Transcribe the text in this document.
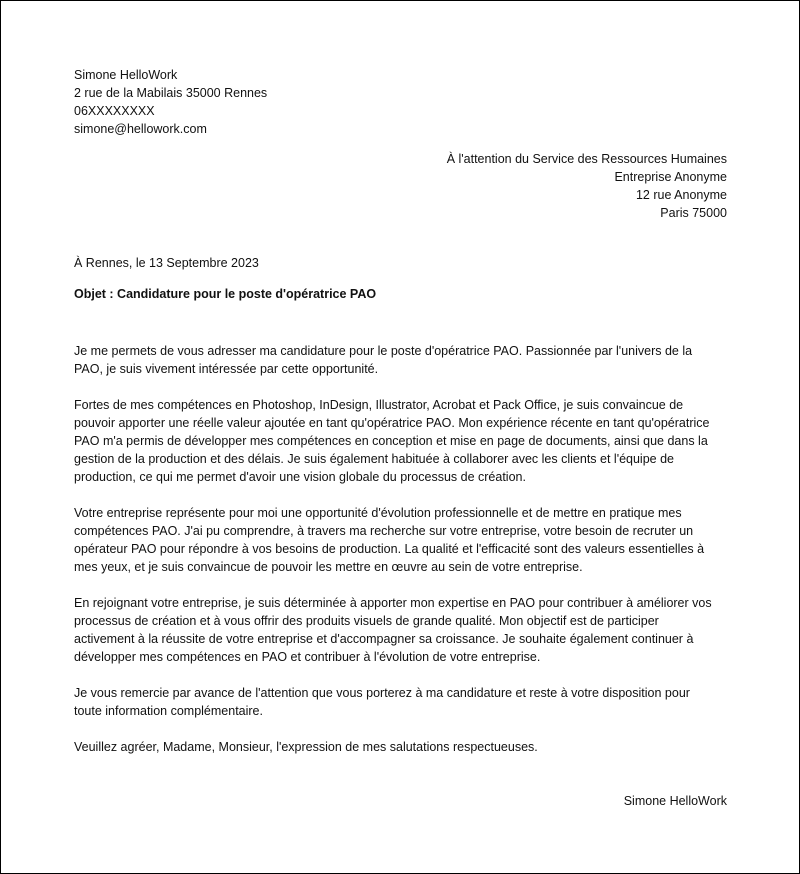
Simone HelloWork
2 rue de la Mabilais 35000 Rennes
06XXXXXXXX
simone@hellowork.com
À l'attention du Service des Ressources Humaines
Entreprise Anonyme
12 rue Anonyme
Paris 75000
À Rennes, le 13 Septembre 2023
Objet : Candidature pour le poste d'opératrice PAO

Je me permets de vous adresser ma candidature pour le poste d'opératrice PAO. Passionnée par l'univers de la
PAO, je suis vivement intéressée par cette opportunité.

Fortes de mes compétences en Photoshop, InDesign, Illustrator, Acrobat et Pack Office, je suis convaincue de
pouvoir apporter une réelle valeur ajoutée en tant qu'opératrice PAO. Mon expérience récente en tant qu'opératrice
PAO m'a permis de développer mes compétences en conception et mise en page de documents, ainsi que dans la
gestion de la production et des délais. Je suis également habituée à collaborer avec les clients et l'équipe de
production, ce qui me permet d'avoir une vision globale du processus de création.

Votre entreprise représente pour moi une opportunité d'évolution professionnelle et de mettre en pratique mes
compétences PAO. J'ai pu comprendre, à travers ma recherche sur votre entreprise, votre besoin de recruter un
opérateur PAO pour répondre à vos besoins de production. La qualité et l'efficacité sont des valeurs essentielles à
mes yeux, et je suis convaincue de pouvoir les mettre en œuvre au sein de votre entreprise.

En rejoignant votre entreprise, je suis déterminée à apporter mon expertise en PAO pour contribuer à améliorer vos
processus de création et à vous offrir des produits visuels de grande qualité. Mon objectif est de participer
activement à la réussite de votre entreprise et d'accompagner sa croissance. Je souhaite également continuer à
développer mes compétences en PAO et contribuer à l'évolution de votre entreprise.

Je vous remercie par avance de l'attention que vous porterez à ma candidature et reste à votre disposition pour
toute information complémentaire.

Veuillez agréer, Madame, Monsieur, l'expression de mes salutations respectueuses.

Simone HelloWork
